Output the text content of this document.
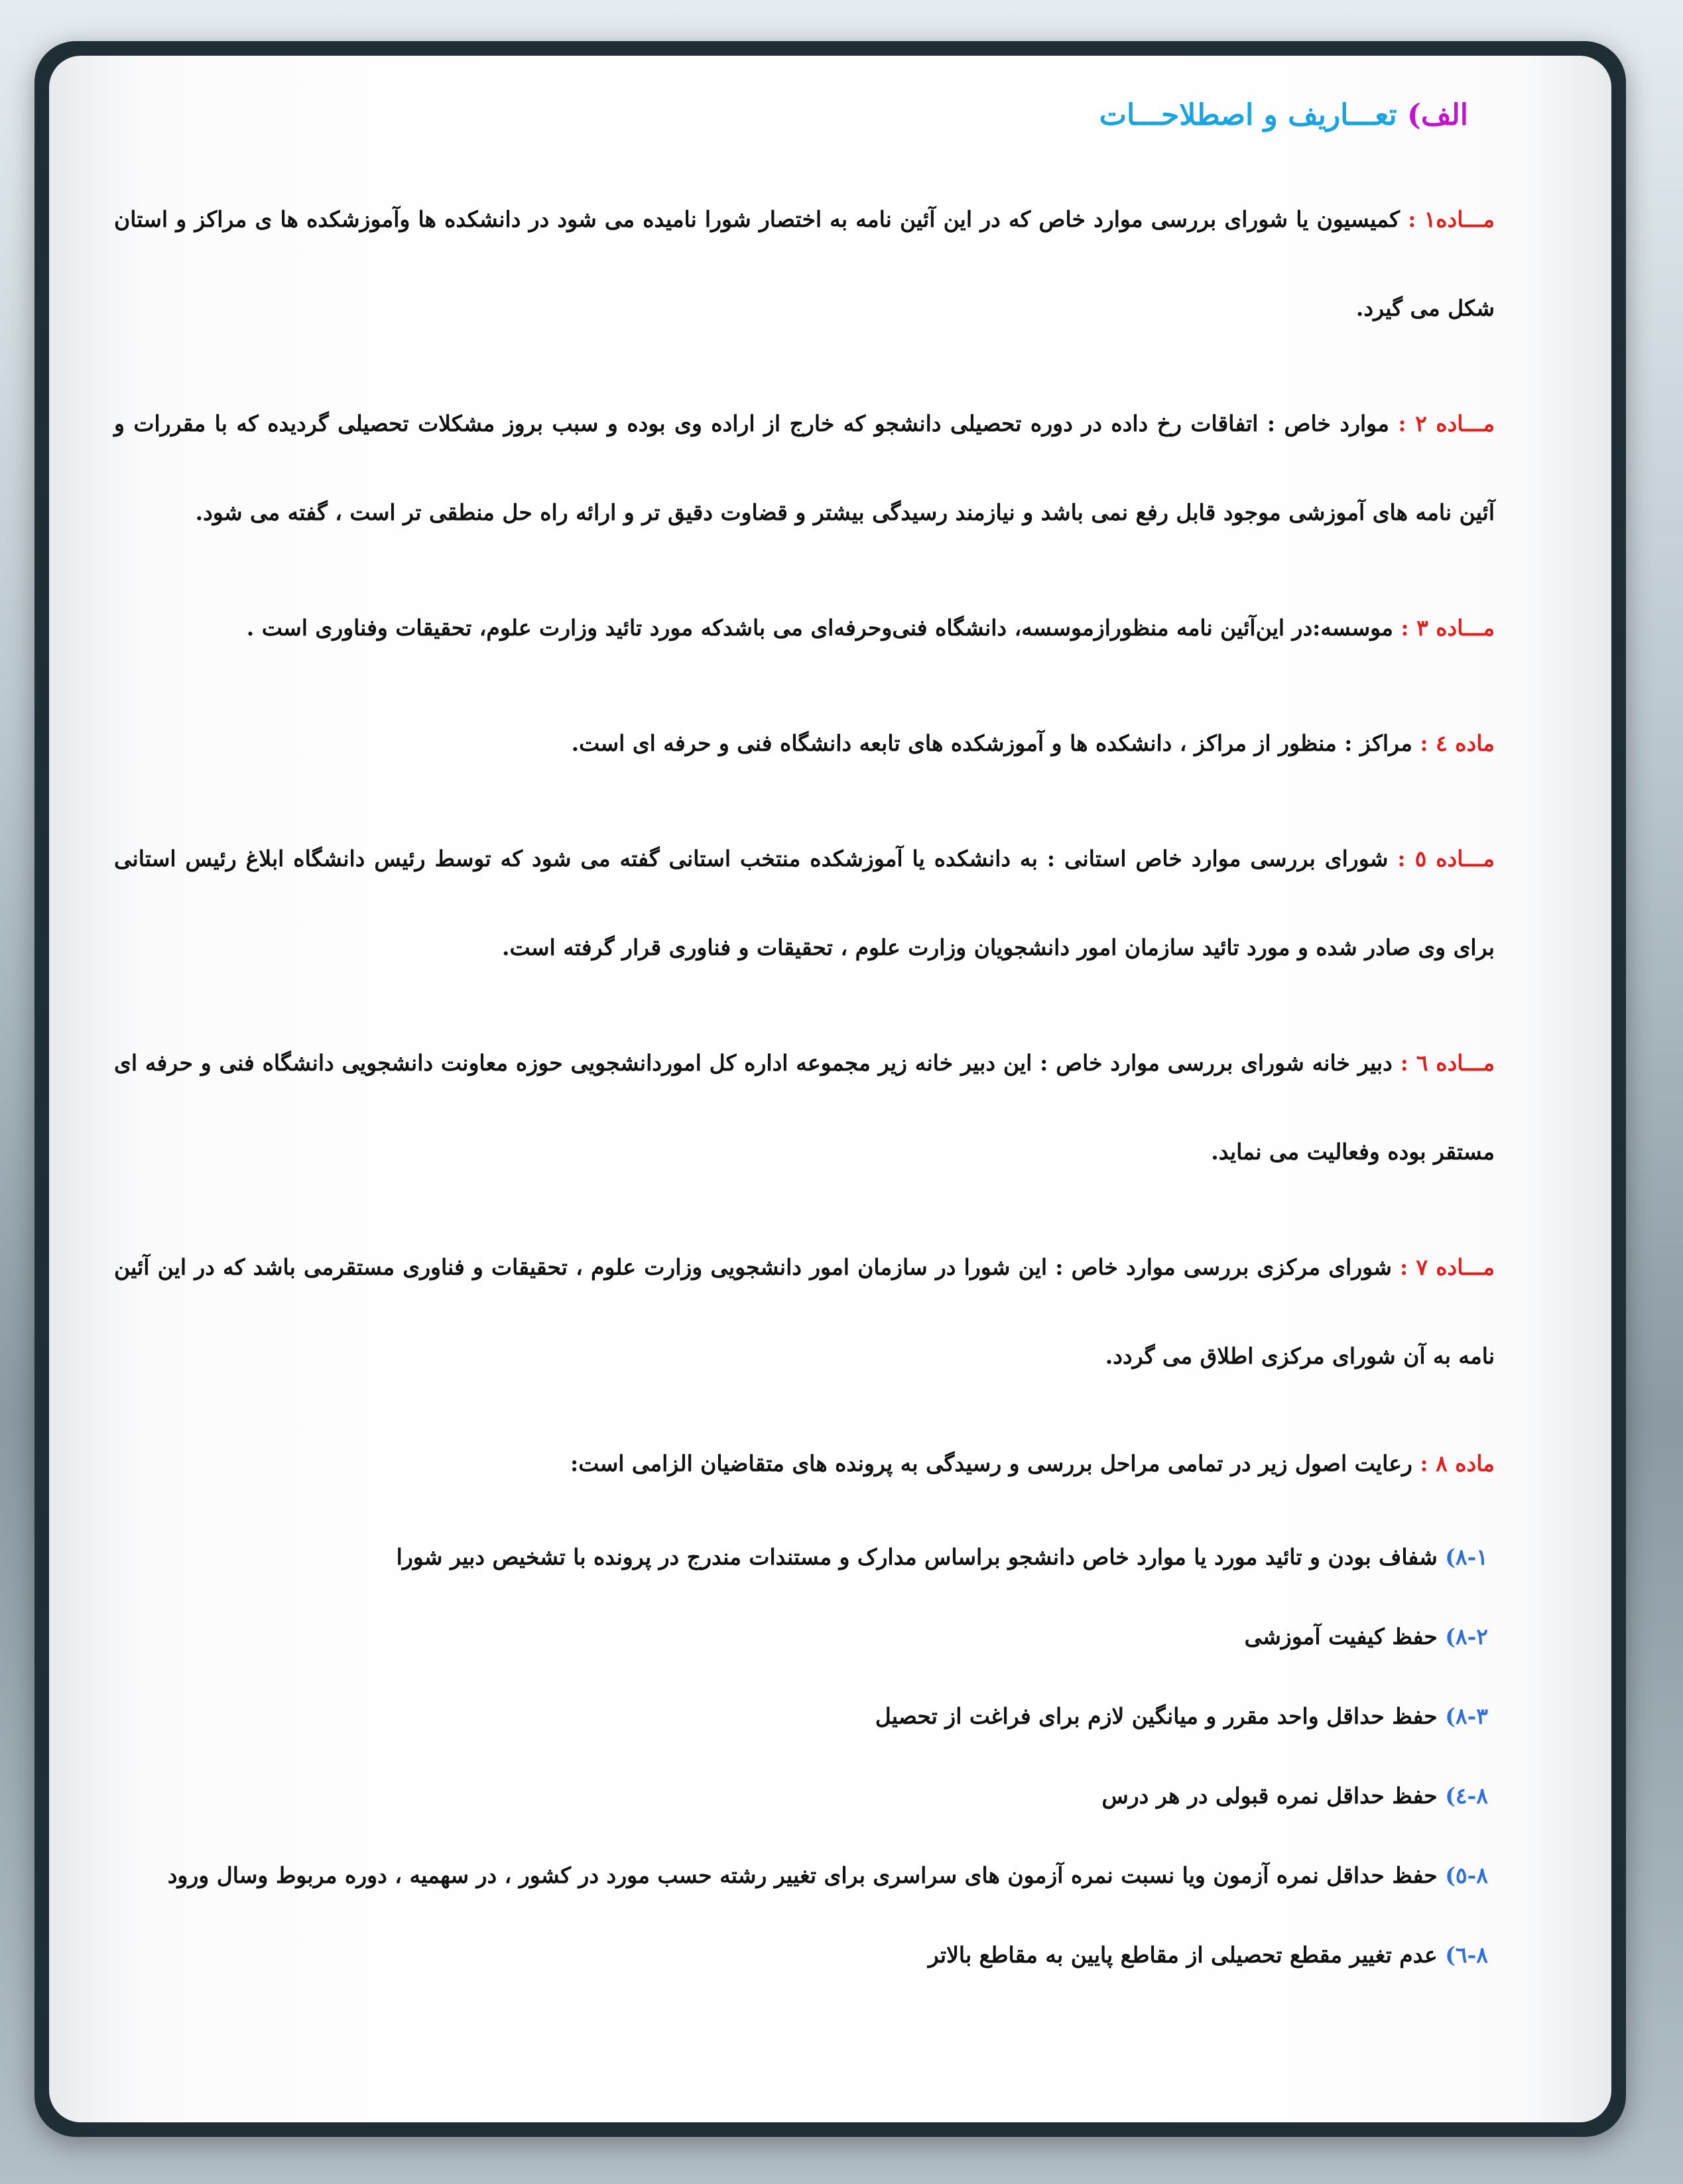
الف) تعـــاریف و اصطلاحـــات
مـــاده۱ : کمیسیون یا شورای بررسی موارد خاص که در این آئین نامه به اختصار شورا نامیده می شود در دانشکده ها وآموزشکده ها ی مراکز و استان شکل می گیرد.
مـــاده ۲ : موارد خاص : اتفاقات رخ داده در دوره تحصیلی دانشجو که خارج از اراده وی بوده و سبب بروز مشکلات تحصیلی گردیده که با مقررات و آئین نامه های آموزشی موجود قابل رفع نمی باشد و نیازمند رسیدگی بیشتر و قضاوت دقیق تر و ارائه راه حل منطقی تر است ، گفته می شود.
مـــاده ۳ : موسسه:در این‌آئین نامه منظورازموسسه، دانشگاه فنی‌وحرفه‌ای می باشدکه مورد تائید وزارت علوم، تحقیقات وفناوری است .
ماده ٤ : مراکز : منظور از مراکز ، دانشکده ها و آموزشکده های تابعه دانشگاه فنی و حرفه ای است.
مـــاده ٥ : شورای بررسی موارد خاص استانی : به دانشکده یا آموزشکده منتخب استانی گفته می شود که توسط رئیس دانشگاه ابلاغ رئیس استانی برای وی صادر شده و مورد تائید سازمان امور دانشجویان وزارت علوم ، تحقیقات و فناوری قرار گرفته است.
مـــاده ٦ : دبیر خانه شورای بررسی موارد خاص : این دبیر خانه زیر مجموعه اداره کل اموردانشجویی حوزه معاونت دانشجویی دانشگاه فنی و حرفه ای مستقر بوده وفعالیت می نماید.
مـــاده ۷ : شورای مرکزی بررسی موارد خاص : این شورا در سازمان امور دانشجویی وزارت علوم ، تحقیقات و فناوری مستقرمی باشد که در این آئین نامه به آن شورای مرکزی اطلاق می گردد.
ماده ۸ : رعایت اصول زیر در تمامی مراحل بررسی و رسیدگی به پرونده های متقاضیان الزامی است:
۸-۱) شفاف بودن و تائید مورد یا موارد خاص دانشجو براساس مدارک و مستندات مندرج در پرونده با تشخیص دبیر شورا
۸-۲) حفظ کیفیت آموزشی
۸-۳) حفظ حداقل واحد مقرر و میانگین لازم برای فراغت از تحصیل
۸-٤) حفظ حداقل نمره قبولی در هر درس
۸-٥) حفظ حداقل نمره آزمون ویا نسبت نمره آزمون های سراسری برای تغییر رشته حسب مورد در کشور ، در سهمیه ، دوره مربوط وسال ورود
۸-٦) عدم تغییر مقطع تحصیلی از مقاطع پایین به مقاطع بالاتر
